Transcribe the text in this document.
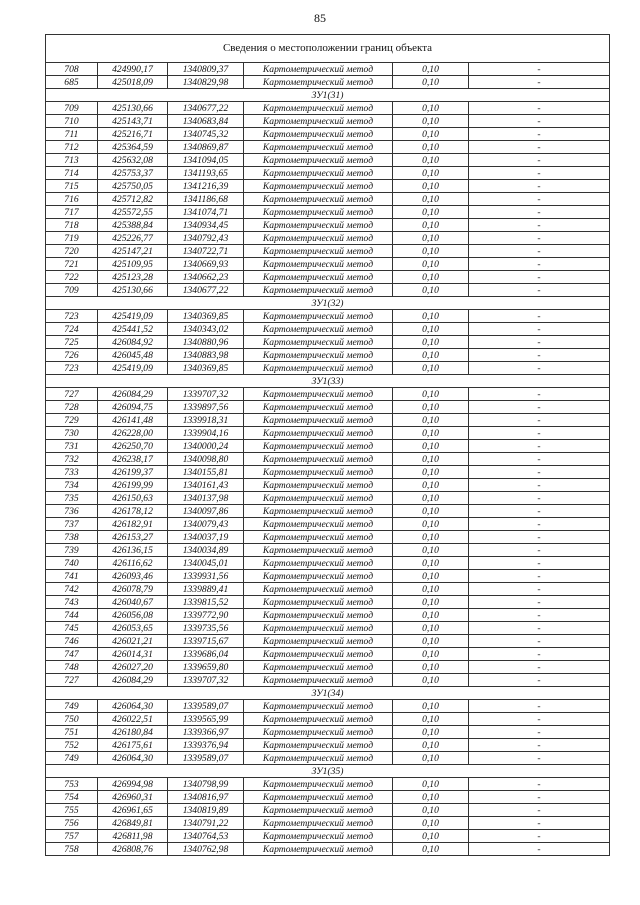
85
Сведения о местоположении границ объекта					
708	424990,17	1340809,37	Картометрический метод	0,10	-
685	425018,09	1340829,98	Картометрический метод	0,10	-
ЗУ1(31)					
709	425130,66	1340677,22	Картометрический метод	0,10	-
710	425143,71	1340683,84	Картометрический метод	0,10	-
711	425216,71	1340745,32	Картометрический метод	0,10	-
712	425364,59	1340869,87	Картометрический метод	0,10	-
713	425632,08	1341094,05	Картометрический метод	0,10	-
714	425753,37	1341193,65	Картометрический метод	0,10	-
715	425750,05	1341216,39	Картометрический метод	0,10	-
716	425712,82	1341186,68	Картометрический метод	0,10	-
717	425572,55	1341074,71	Картометрический метод	0,10	-
718	425388,84	1340934,45	Картометрический метод	0,10	-
719	425226,77	1340792,43	Картометрический метод	0,10	-
720	425147,21	1340722,71	Картометрический метод	0,10	-
721	425109,95	1340669,93	Картометрический метод	0,10	-
722	425123,28	1340662,23	Картометрический метод	0,10	-
709	425130,66	1340677,22	Картометрический метод	0,10	-
ЗУ1(32)					
723	425419,09	1340369,85	Картометрический метод	0,10	-
724	425441,52	1340343,02	Картометрический метод	0,10	-
725	426084,92	1340880,96	Картометрический метод	0,10	-
726	426045,48	1340883,98	Картометрический метод	0,10	-
723	425419,09	1340369,85	Картометрический метод	0,10	-
ЗУ1(33)					
727	426084,29	1339707,32	Картометрический метод	0,10	-
728	426094,75	1339897,56	Картометрический метод	0,10	-
729	426141,48	1339918,31	Картометрический метод	0,10	-
730	426228,00	1339904,16	Картометрический метод	0,10	-
731	426250,70	1340000,24	Картометрический метод	0,10	-
732	426238,17	1340098,80	Картометрический метод	0,10	-
733	426199,37	1340155,81	Картометрический метод	0,10	-
734	426199,99	1340161,43	Картометрический метод	0,10	-
735	426150,63	1340137,98	Картометрический метод	0,10	-
736	426178,12	1340097,86	Картометрический метод	0,10	-
737	426182,91	1340079,43	Картометрический метод	0,10	-
738	426153,27	1340037,19	Картометрический метод	0,10	-
739	426136,15	1340034,89	Картометрический метод	0,10	-
740	426116,62	1340045,01	Картометрический метод	0,10	-
741	426093,46	1339931,56	Картометрический метод	0,10	-
742	426078,79	1339889,41	Картометрический метод	0,10	-
743	426040,67	1339815,52	Картометрический метод	0,10	-
744	426056,08	1339772,90	Картометрический метод	0,10	-
745	426053,65	1339735,56	Картометрический метод	0,10	-
746	426021,21	1339715,67	Картометрический метод	0,10	-
747	426014,31	1339686,04	Картометрический метод	0,10	-
748	426027,20	1339659,80	Картометрический метод	0,10	-
727	426084,29	1339707,32	Картометрический метод	0,10	-
ЗУ1(34)					
749	426064,30	1339589,07	Картометрический метод	0,10	-
750	426022,51	1339565,99	Картометрический метод	0,10	-
751	426180,84	1339366,97	Картометрический метод	0,10	-
752	426175,61	1339376,94	Картометрический метод	0,10	-
749	426064,30	1339589,07	Картометрический метод	0,10	-
ЗУ1(35)					
753	426994,98	1340798,99	Картометрический метод	0,10	-
754	426960,31	1340816,97	Картометрический метод	0,10	-
755	426961,65	1340819,89	Картометрический метод	0,10	-
756	426849,81	1340791,22	Картометрический метод	0,10	-
757	426811,98	1340764,53	Картометрический метод	0,10	-
758	426808,76	1340762,98	Картометрический метод	0,10	-
